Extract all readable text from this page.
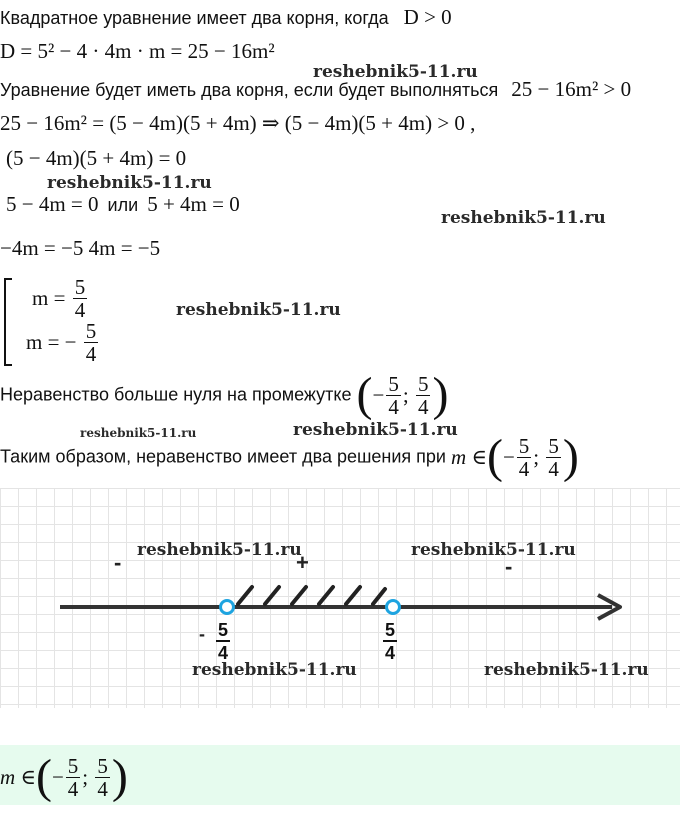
Квадратное уравнение имеет два корня, когда D > 0
D = 5² − 4 · 4m · m = 25 − 16m²
reshebnik5-11.ru
Уравнение будет иметь два корня, если будет выполняться 25 − 16m² > 0
25 − 16m² = (5 − 4m)(5 + 4m) ⇒ (5 − 4m)(5 + 4m) > 0 ,
(5 − 4m)(5 + 4m) = 0
reshebnik5-11.ru
5 − 4m = 0 или 5 + 4m = 0
reshebnik5-11.ru
−4m = −5 4m = −5
$m = \frac{5}{4}$
m = − $\frac{5}{4}$
reshebnik5-11.ru
Неравенство больше нуля на промежутке (− $\frac{5}{4}$ ; $\frac{5}{4}$ )
reshebnik5-11.ru	reshebnik5-11.ru
Таким образом, неравенство имеет два решения при m ∈(− $\frac{5}{4}$ ; $\frac{5}{4}$ )
-	+	-
- $\frac{5}{4}$	$\frac{5}{4}$
reshebnik5-11.ru	reshebnik5-11.ru
reshebnik5-11.ru	reshebnik5-11.ru
m ∈(− $\frac{5}{4}$ ; $\frac{5}{4}$ )
